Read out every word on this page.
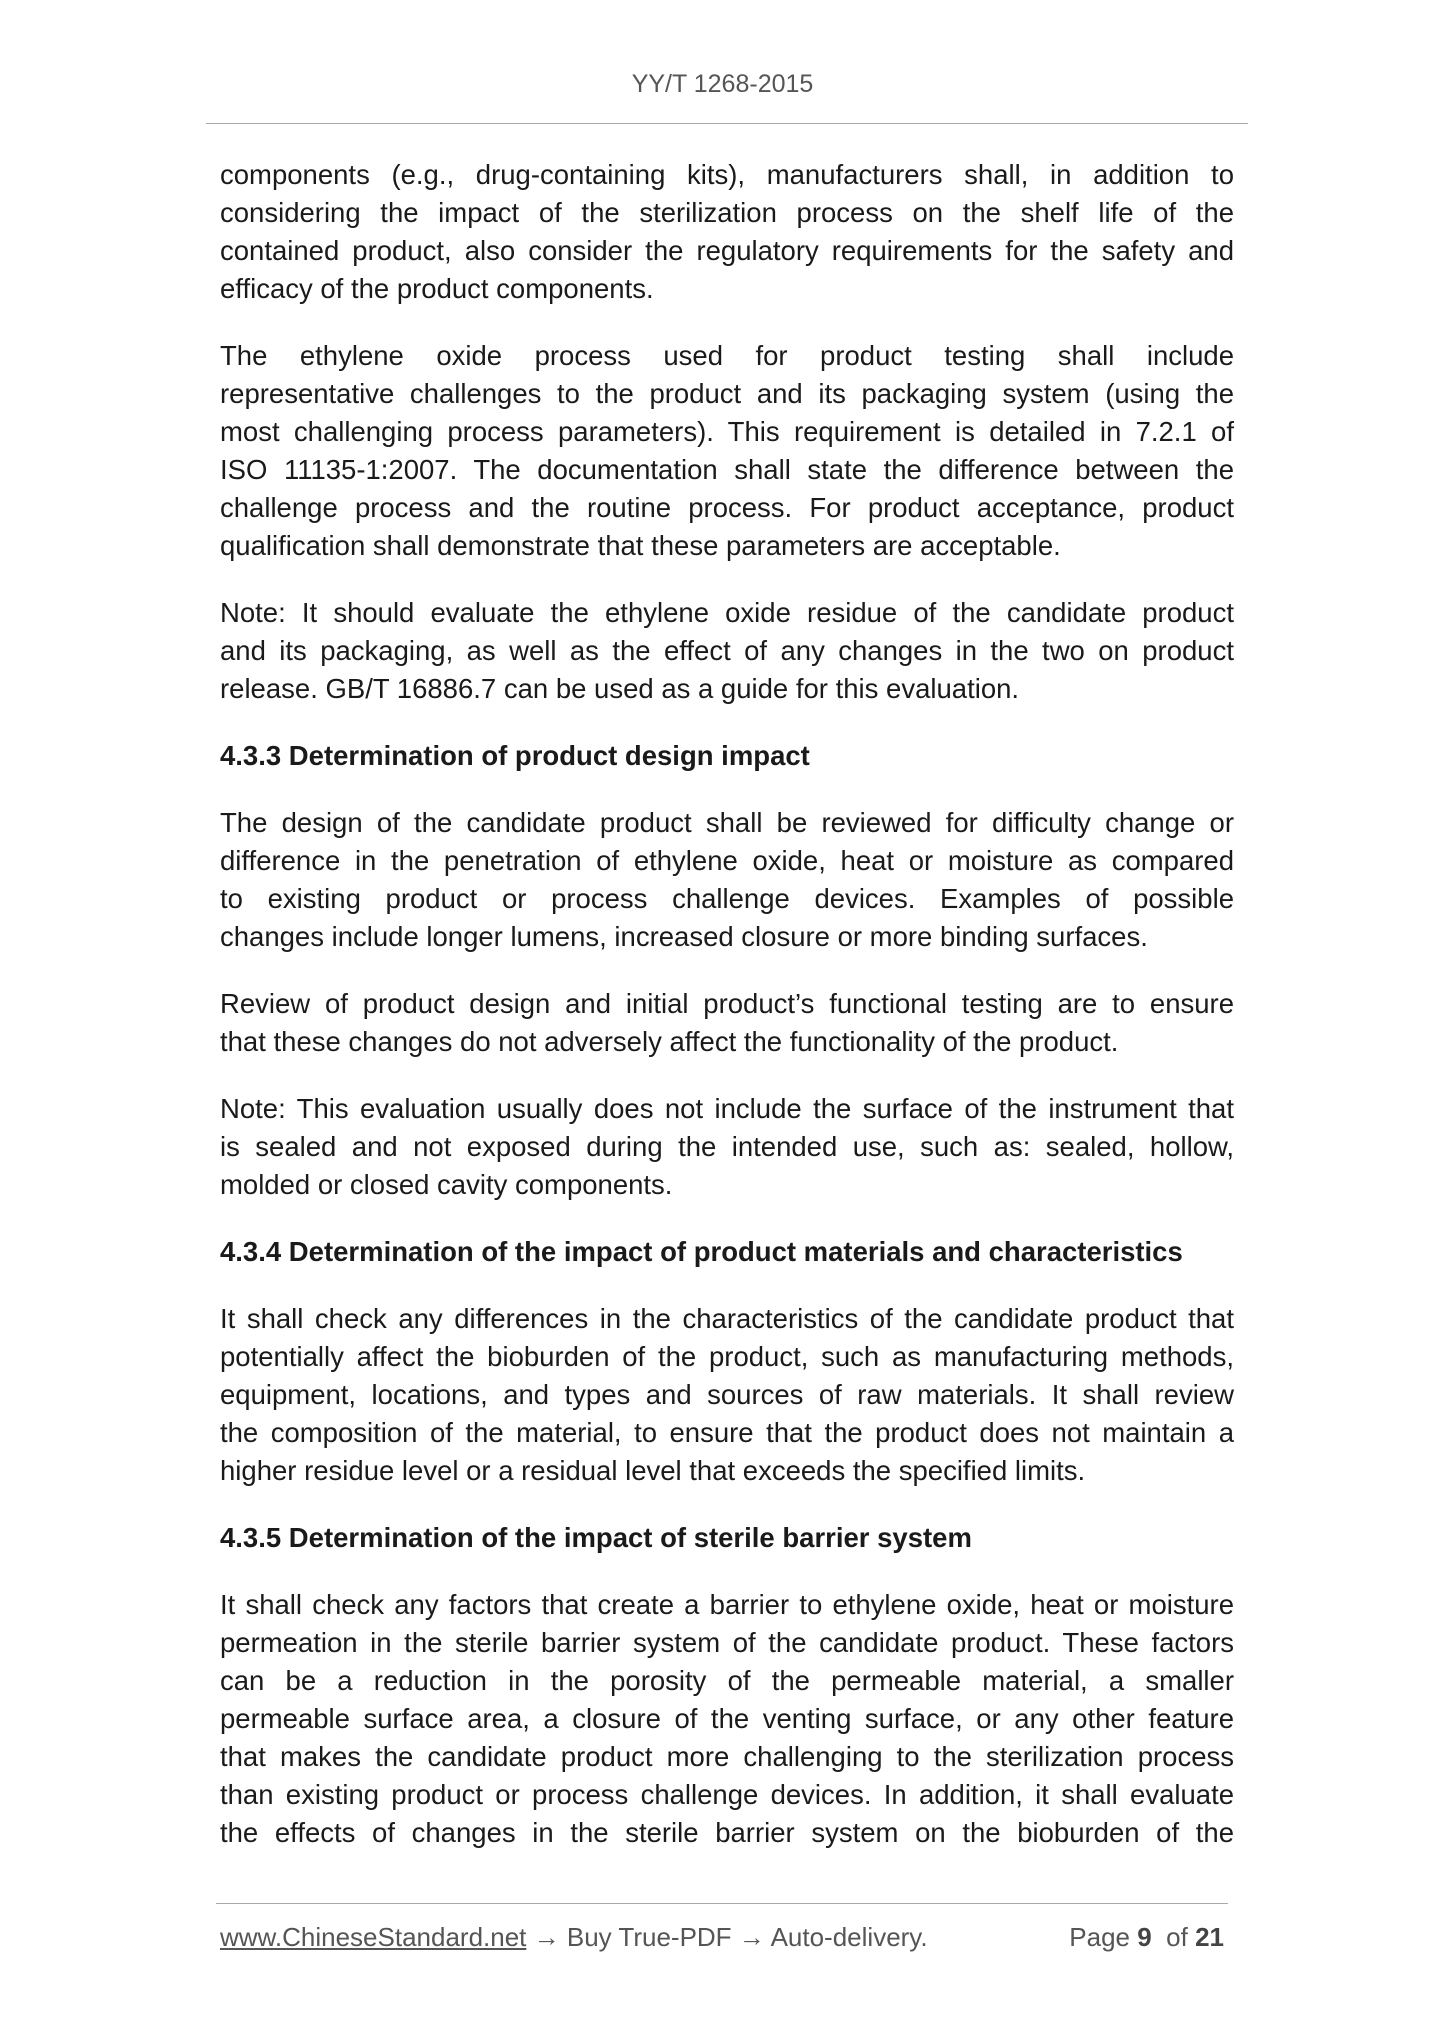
YY/T 1268-2015
components (e.g., drug-containing kits), manufacturers shall, in addition to
considering the impact of the sterilization process on the shelf life of the
contained product, also consider the regulatory requirements for the safety and
efficacy of the product components.
The ethylene oxide process used for product testing shall include
representative challenges to the product and its packaging system (using the
most challenging process parameters). This requirement is detailed in 7.2.1 of
ISO 11135-1:2007. The documentation shall state the difference between the
challenge process and the routine process. For product acceptance, product
qualification shall demonstrate that these parameters are acceptable.
Note: It should evaluate the ethylene oxide residue of the candidate product
and its packaging, as well as the effect of any changes in the two on product
release. GB/T 16886.7 can be used as a guide for this evaluation.
4.3.3 Determination of product design impact
The design of the candidate product shall be reviewed for difficulty change or
difference in the penetration of ethylene oxide, heat or moisture as compared
to existing product or process challenge devices. Examples of possible
changes include longer lumens, increased closure or more binding surfaces.
Review of product design and initial product’s functional testing are to ensure
that these changes do not adversely affect the functionality of the product.
Note: This evaluation usually does not include the surface of the instrument that
is sealed and not exposed during the intended use, such as: sealed, hollow,
molded or closed cavity components.
4.3.4 Determination of the impact of product materials and characteristics
It shall check any differences in the characteristics of the candidate product that
potentially affect the bioburden of the product, such as manufacturing methods,
equipment, locations, and types and sources of raw materials. It shall review
the composition of the material, to ensure that the product does not maintain a
higher residue level or a residual level that exceeds the specified limits.
4.3.5 Determination of the impact of sterile barrier system
It shall check any factors that create a barrier to ethylene oxide, heat or moisture
permeation in the sterile barrier system of the candidate product. These factors
can be a reduction in the porosity of the permeable material, a smaller
permeable surface area, a closure of the venting surface, or any other feature
that makes the candidate product more challenging to the sterilization process
than existing product or process challenge devices. In addition, it shall evaluate
the effects of changes in the sterile barrier system on the bioburden of the
www.ChineseStandard.net → Buy True-PDF → Auto-delivery.	Page 9 of 21
